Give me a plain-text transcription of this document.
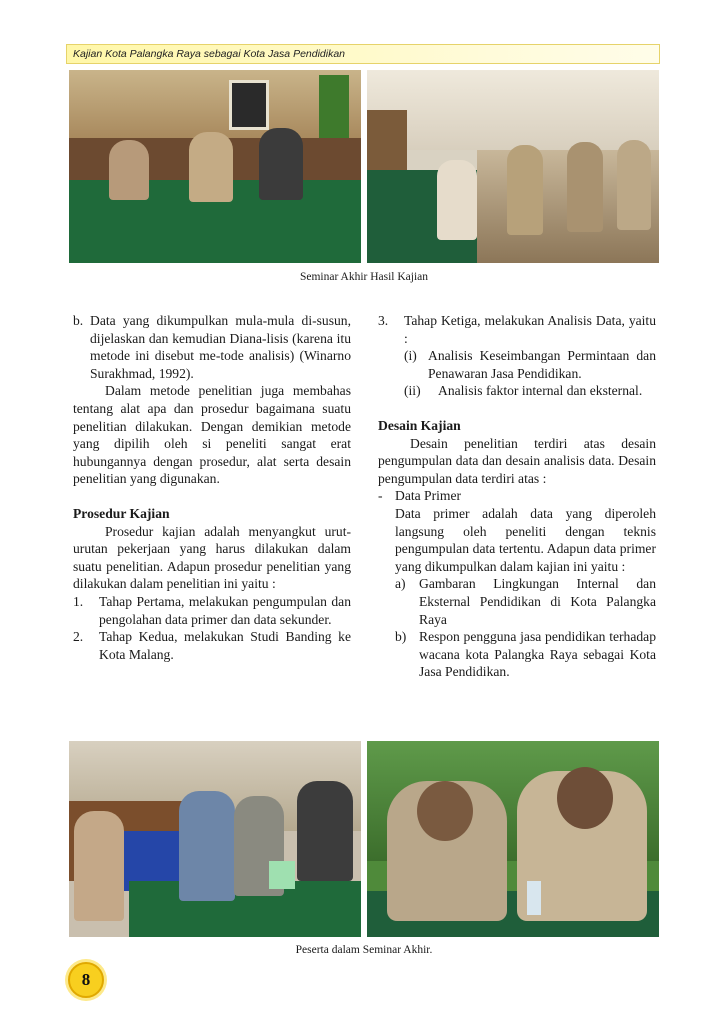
Kajian Kota Palangka Raya sebagai Kota Jasa Pendidikan
Seminar Akhir Hasil Kajian
b. Data yang dikumpulkan mula-mula di-susun, dijelaskan dan kemudian Diana-lisis (karena itu metode ini disebut me-tode analisis) (Winarno Surakhmad, 1992).

Dalam metode penelitian juga membahas tentang alat apa dan prosedur bagaimana suatu penelitian dilakukan. Dengan demikian metode yang dipilih oleh si peneliti sangat erat hubungannya dengan prosedur, alat serta desain penelitian yang digunakan.

Prosedur Kajian

Prosedur kajian adalah menyangkut urut-urutan pekerjaan yang harus dilakukan dalam suatu penelitian. Adapun prosedur penelitian yang dilakukan dalam penelitian ini yaitu :

1.	Tahap Pertama, melakukan pengumpulan dan pengolahan data primer dan data sekunder.
2.	Tahap Kedua, melakukan Studi Banding ke Kota Malang.
3.	Tahap Ketiga, melakukan Analisis Data, yaitu :
(i) Analisis Keseimbangan Permintaan dan Penawaran Jasa Pendidikan.
(ii)	Analisis faktor internal dan eksternal.

Desain Kajian

Desain penelitian terdiri atas desain pengumpulan data dan desain analisis data. Desain pengumpulan data terdiri atas :

- Data Primer

Data primer adalah data yang diperoleh langsung oleh peneliti dengan teknis pengumpulan data tertentu. Adapun data primer yang dikumpulkan dalam kajian ini yaitu :

a) Gambaran Lingkungan Internal dan Eksternal Pendidikan di Kota Palangka Raya
b) Respon pengguna jasa pendidikan terhadap wacana kota Palangka Raya sebagai Kota Jasa Pendidikan.
Peserta dalam Seminar Akhir.
8
